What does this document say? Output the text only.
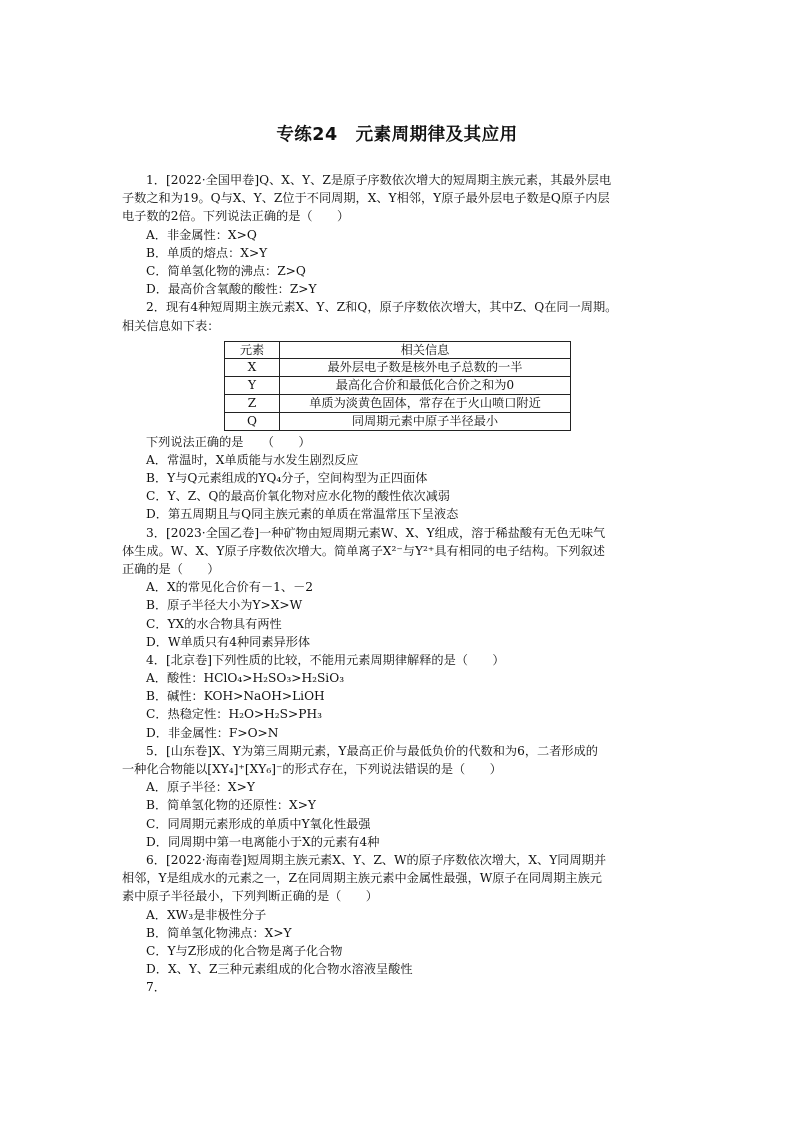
专练24　元素周期律及其应用
1．[2022·全国甲卷]Q、X、Y、Z是原子序数依次增大的短周期主族元素，其最外层电
子数之和为19。Q与X、Y、Z位于不同周期，X、Y相邻，Y原子最外层电子数是Q原子内层
电子数的2倍。下列说法正确的是（　　）
A．非金属性：X>Q
B．单质的熔点：X>Y
C．简单氢化物的沸点：Z>Q
D．最高价含氧酸的酸性：Z>Y
2．现有4种短周期主族元素X、Y、Z和Q，原子序数依次增大，其中Z、Q在同一周期。
相关信息如下表：
元素	相关信息
X	最外层电子数是核外电子总数的一半
Y	最高化合价和最低化合价之和为0
Z	单质为淡黄色固体，常存在于火山喷口附近
Q	同周期元素中原子半径最小
下列说法正确的是　　（　　）
A．常温时，X单质能与水发生剧烈反应
B．Y与Q元素组成的YQ₄分子，空间构型为正四面体
C．Y、Z、Q的最高价氧化物对应水化物的酸性依次减弱
D．第五周期且与Q同主族元素的单质在常温常压下呈液态
3．[2023·全国乙卷]一种矿物由短周期元素W、X、Y组成，溶于稀盐酸有无色无味气
体生成。W、X、Y原子序数依次增大。简单离子X²⁻与Y²⁺具有相同的电子结构。下列叙述
正确的是（　　）
A．X的常见化合价有－1、－2
B．原子半径大小为Y>X>W
C．YX的水合物具有两性
D．W单质只有4种同素异形体
4．[北京卷]下列性质的比较，不能用元素周期律解释的是（　　）
A．酸性：HClO₄>H₂SO₃>H₂SiO₃
B．碱性：KOH>NaOH>LiOH
C．热稳定性：H₂O>H₂S>PH₃
D．非金属性：F>O>N
5．[山东卷]X、Y为第三周期元素，Y最高正价与最低负价的代数和为6，二者形成的
一种化合物能以[XY₄]⁺[XY₆]⁻的形式存在，下列说法错误的是（　　）
A．原子半径：X>Y
B．简单氢化物的还原性：X>Y
C．同周期元素形成的单质中Y氧化性最强
D．同周期中第一电离能小于X的元素有4种
6．[2022·海南卷]短周期主族元素X、Y、Z、W的原子序数依次增大，X、Y同周期并
相邻，Y是组成水的元素之一，Z在同周期主族元素中金属性最强，W原子在同周期主族元
素中原子半径最小，下列判断正确的是（　　）
A．XW₃是非极性分子
B．简单氢化物沸点：X>Y
C．Y与Z形成的化合物是离子化合物
D．X、Y、Z三种元素组成的化合物水溶液呈酸性
7．
